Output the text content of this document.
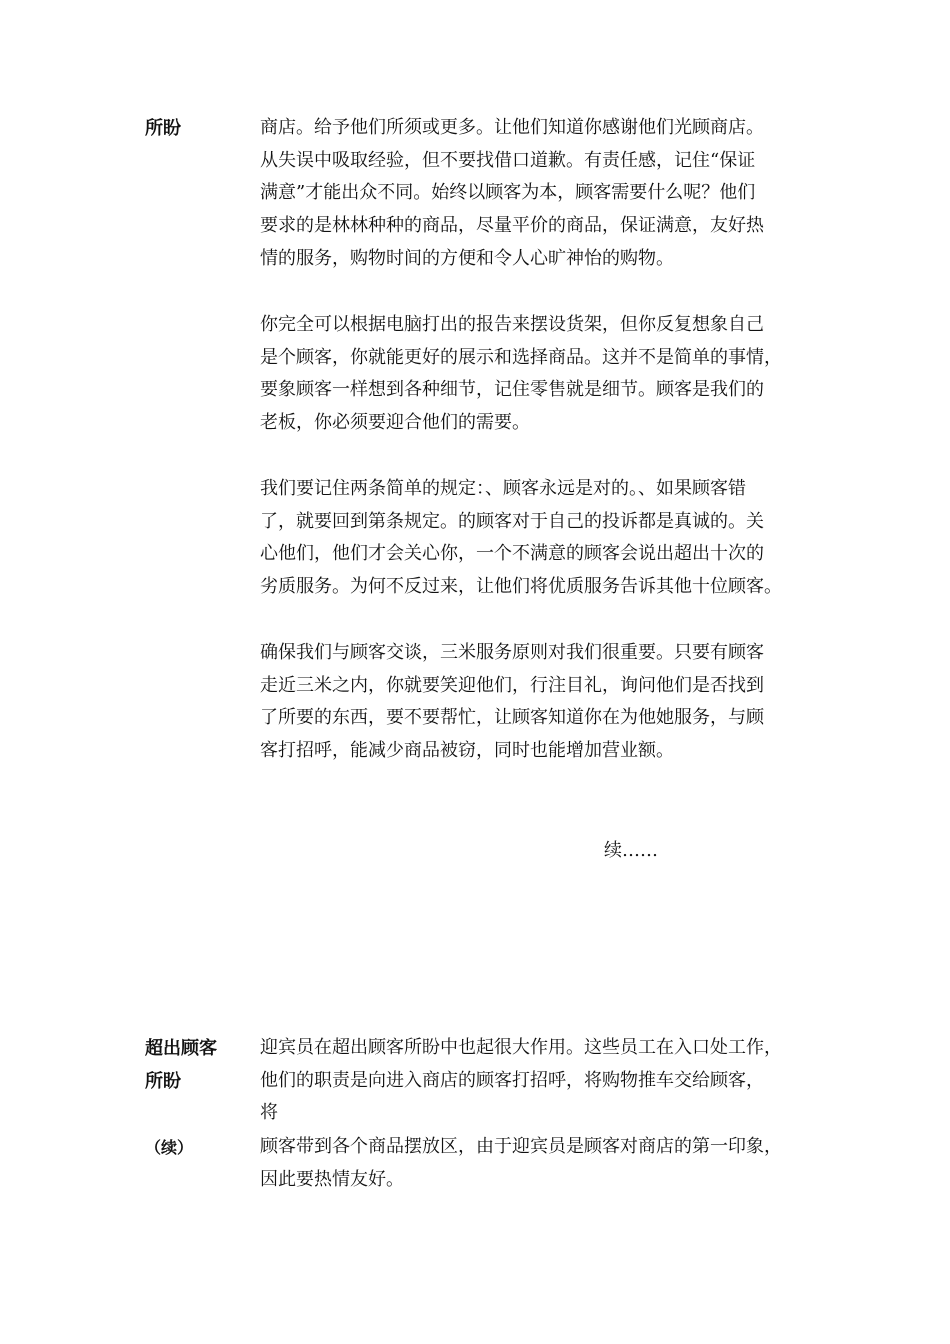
所盼	商店。给予他们所须或更多。让他们知道你感谢他们光顾商店。
从失误中吸取经验，但不要找借口道歉。有责任感，记住“保证
满意”才能出众不同。始终以顾客为本，顾客需要什么呢？他们
要求的是林林种种的商品，尽量平价的商品，保证满意，友好热
情的服务，购物时间的方便和令人心旷神怡的购物。
你完全可以根据电脑打出的报告来摆设货架，但你反复想象自己
是个顾客，你就能更好的展示和选择商品。这并不是简单的事情，
要象顾客一样想到各种细节，记住零售就是细节。顾客是我们的
老板，你必须要迎合他们的需要。
我们要记住两条简单的规定：、顾客永远是对的。、如果顾客错
了，就要回到第条规定。的顾客对于自己的投诉都是真诚的。关
心他们，他们才会关心你，一个不满意的顾客会说出超出十次的
劣质服务。为何不反过来，让他们将优质服务告诉其他十位顾客。
确保我们与顾客交谈，三米服务原则对我们很重要。只要有顾客
走近三米之内，你就要笑迎他们，行注目礼，询问他们是否找到
了所要的东西，要不要帮忙，让顾客知道你在为他她服务，与顾
客打招呼，能减少商品被窃，同时也能增加营业额。
续……
超出顾客
所盼
（续）
迎宾员在超出顾客所盼中也起很大作用。这些员工在入口处工作，
他们的职责是向进入商店的顾客打招呼，将购物推车交给顾客，
将
顾客带到各个商品摆放区，由于迎宾员是顾客对商店的第一印象，
因此要热情友好。
